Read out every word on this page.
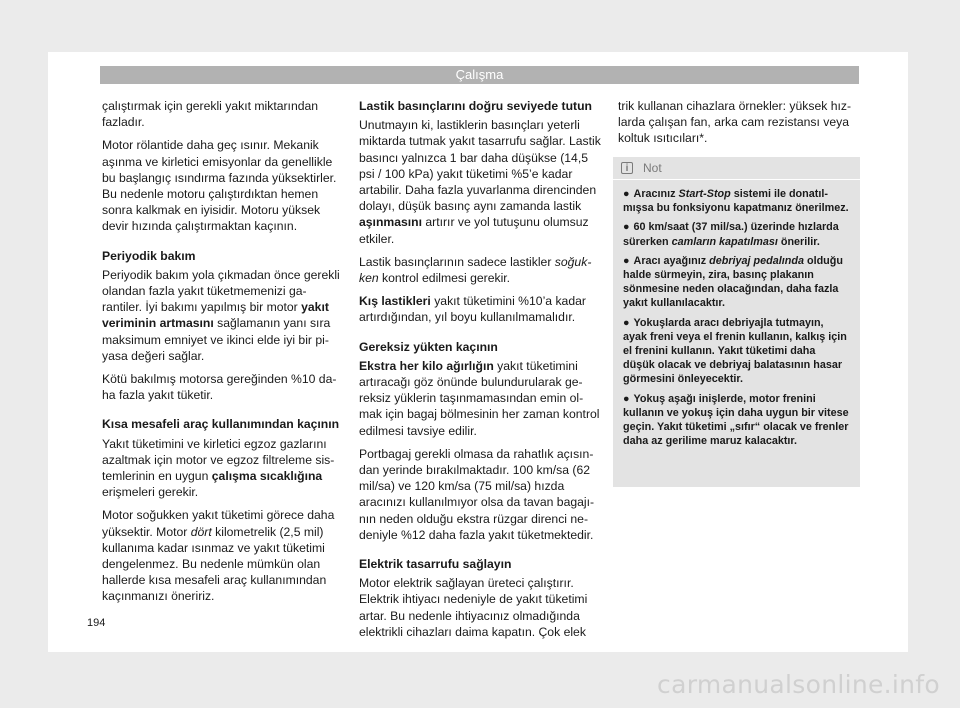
Çalışma

çalıştırmak için gerekli yakıt miktarından fazladır.

Motor rölantide daha geç ısınır. Mekanik aşınma ve kirletici emisyonlar da genellikle bu başlangıç ısındırma fazında yüksektirler. Bu nedenle motoru çalıştırdıktan hemen sonra kalkmak en iyisidir. Motoru yüksek devir hızında çalıştırmaktan kaçının.

Periyodik bakım

Periyodik bakım yola çıkmadan önce gerekli olandan fazla yakıt tüketmemenizi garantiler. İyi bakımı yapılmış bir motor yakıt veriminin artmasını sağlamanın yanı sıra maksimum emniyet ve ikinci elde iyi bir piyasa değeri sağlar.

Kötü bakılmış motorsa gereğinden %10 daha fazla yakıt tüketir.

Kısa mesafeli araç kullanımından kaçının

Yakıt tüketimini ve kirletici egzoz gazlarını azaltmak için motor ve egzoz filtreleme sistemlerinin en uygun çalışma sıcaklığına erişmeleri gerekir.

Motor soğukken yakıt tüketimi görece daha yüksektir. Motor dört kilometrelik (2,5 mil) kullanıma kadar ısınmaz ve yakıt tüketimi dengelenmez. Bu nedenle mümkün olan hallerde kısa mesafeli araç kullanımından kaçınmanızı öneririz.

Lastik basınçlarını doğru seviyede tutun

Unutmayın ki, lastiklerin basınçları yeterli miktarda tutmak yakıt tasarrufu sağlar. Lastik basıncı yalnızca 1 bar daha düşükse (14,5 psi / 100 kPa) yakıt tüketimi %5’e kadar artabilir. Daha fazla yuvarlanma direncinden dolayı, düşük basınç aynı zamanda lastik aşınmasını artırır ve yol tutuşunu olumsuz etkiler.

Lastik basınçlarının sadece lastikler soğukken kontrol edilmesi gerekir.

Kış lastikleri yakıt tüketimini %10’a kadar artırdığından, yıl boyu kullanılmamalıdır.

Gereksiz yükten kaçının

Ekstra her kilo ağırlığın yakıt tüketimini artıracağı göz önünde bulundurularak gereksiz yüklerin taşınmamasından emin olmak için bagaj bölmesinin her zaman kontrol edilmesi tavsiye edilir.

Portbagaj gerekli olmasa da rahatlık açısından yerinde bırakılmaktadır. 100 km/sa (62 mil/sa) ve 120 km/sa (75 mil/sa) hızda aracınızı kullanılmıyor olsa da tavan bagajının neden olduğu ekstra rüzgar direnci nedeniyle %12 daha fazla yakıt tüketmektedir.

Elektrik tasarrufu sağlayın

Motor elektrik sağlayan üreteci çalıştırır. Elektrik ihtiyacı nedeniyle de yakıt tüketimi artar. Bu nedenle ihtiyacınız olmadığında elektrikli cihazları daima kapatın. Çok elek

trik kullanan cihazlara örnekler: yüksek hızlarda çalışan fan, arka cam rezistansı veya koltuk ısıtıcıları*.

i	Not

● Aracınız Start-Stop sistemi ile donatılmışsa bu fonksiyonu kapatmanız önerilmez.

● 60 km/saat (37 mil/sa.) üzerinde hızlarda sürerken camların kapatılması önerilir.

● Aracı ayağınız debriyaj pedalında olduğu halde sürmeyin, zira, basınç plakanın sönmesine neden olacağından, daha fazla yakıt kullanılacaktır.

● Yokuşlarda aracı debriyajla tutmayın, ayak freni veya el frenin kullanın, kalkış için el frenini kullanın. Yakıt tüketimi daha düşük olacak ve debriyaj balatasının hasar görmesini önleyecektir.

● Yokuş aşağı inişlerde, motor frenini kullanın ve yokuş için daha uygun bir vitese geçin. Yakıt tüketimi „sıfır“ olacak ve frenler daha az gerilime maruz kalacaktır.

194
carmanualsonline.info
